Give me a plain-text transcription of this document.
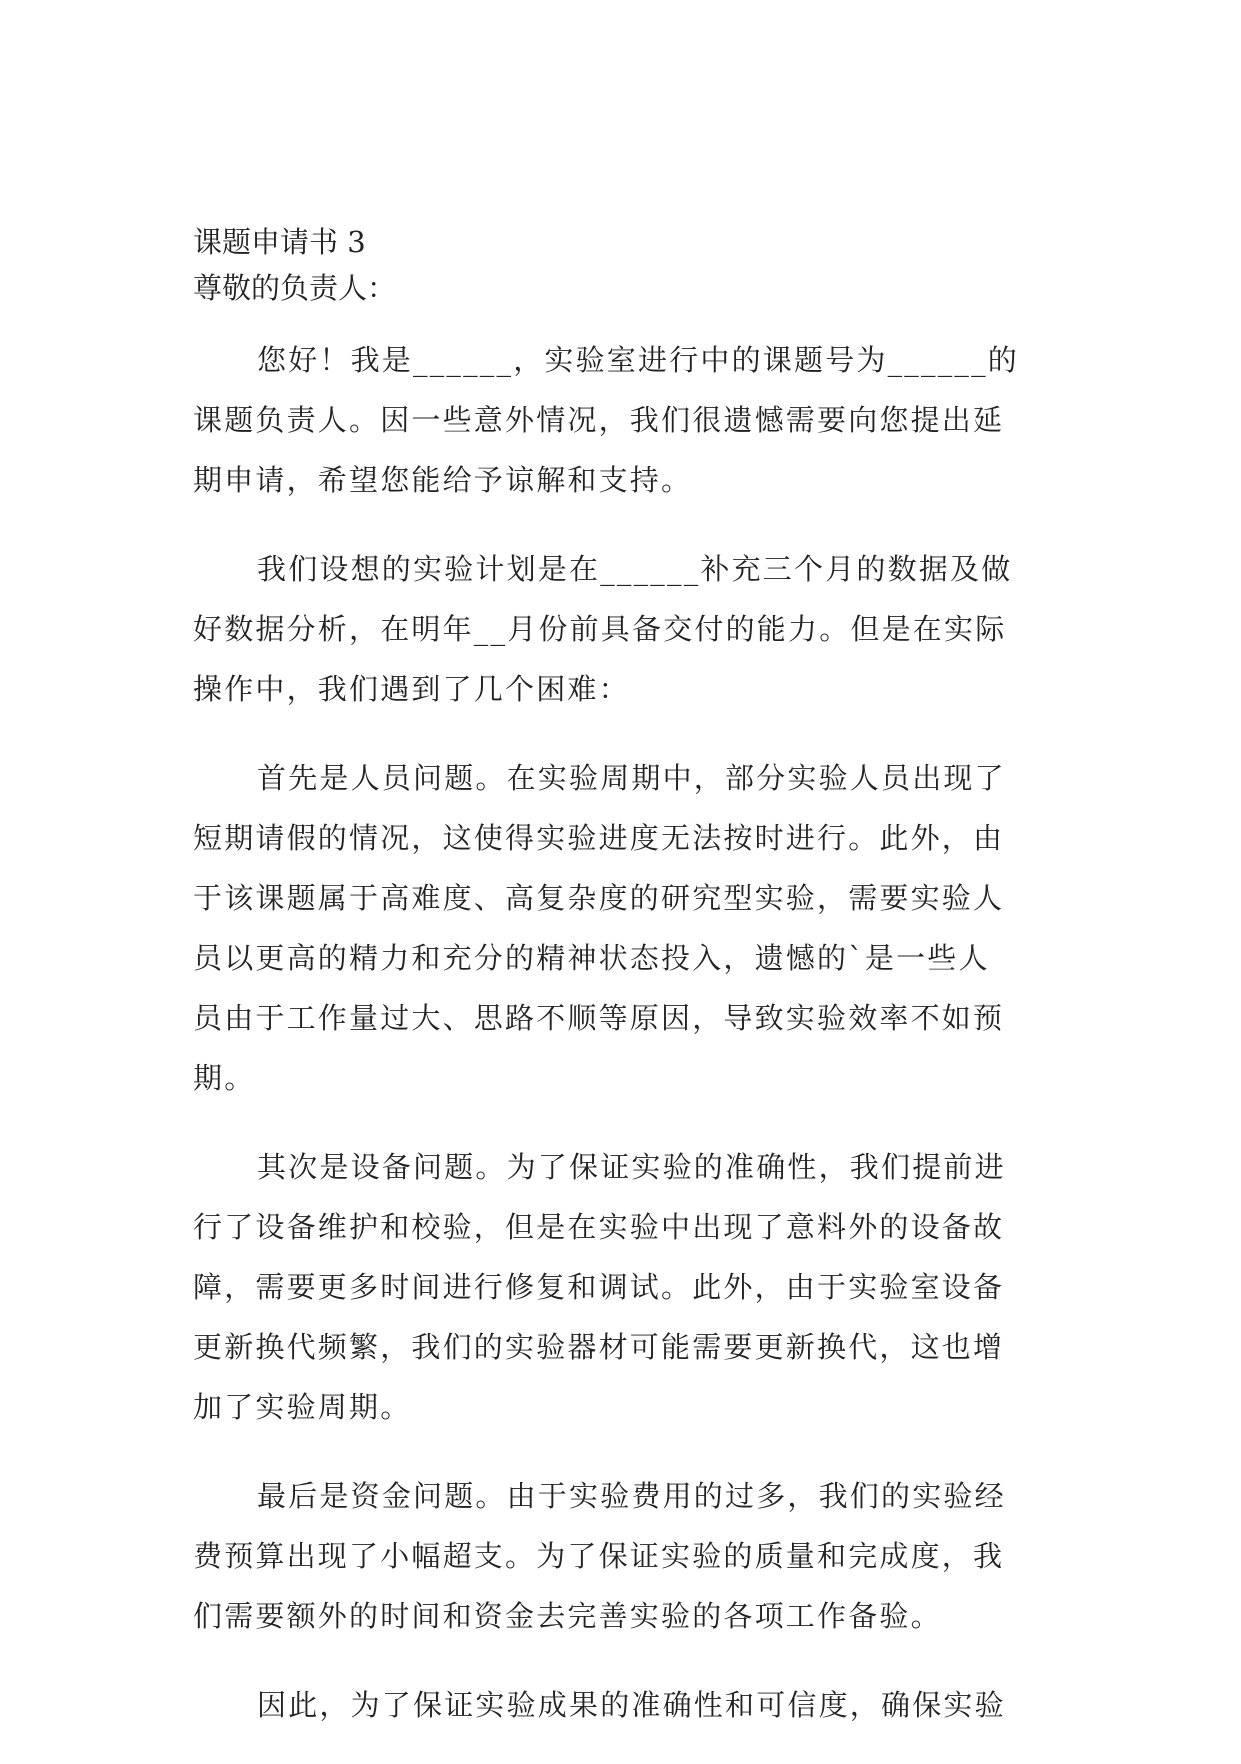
课题申请书 3
尊敬的负责人：
您好！我是______，实验室进行中的课题号为______的
课题负责人。因一些意外情况，我们很遗憾需要向您提出延
期申请，希望您能给予谅解和支持。
我们设想的实验计划是在______补充三个月的数据及做
好数据分析，在明年__月份前具备交付的能力。但是在实际
操作中，我们遇到了几个困难：
首先是人员问题。在实验周期中，部分实验人员出现了
短期请假的情况，这使得实验进度无法按时进行。此外，由
于该课题属于高难度、高复杂度的研究型实验，需要实验人
员以更高的精力和充分的精神状态投入，遗憾的`是一些人
员由于工作量过大、思路不顺等原因，导致实验效率不如预
期。
其次是设备问题。为了保证实验的准确性，我们提前进
行了设备维护和校验，但是在实验中出现了意料外的设备故
障，需要更多时间进行修复和调试。此外，由于实验室设备
更新换代频繁，我们的实验器材可能需要更新换代，这也增
加了实验周期。
最后是资金问题。由于实验费用的过多，我们的实验经
费预算出现了小幅超支。为了保证实验的质量和完成度，我
们需要额外的时间和资金去完善实验的各项工作备验。
因此，为了保证实验成果的准确性和可信度，确保实验
